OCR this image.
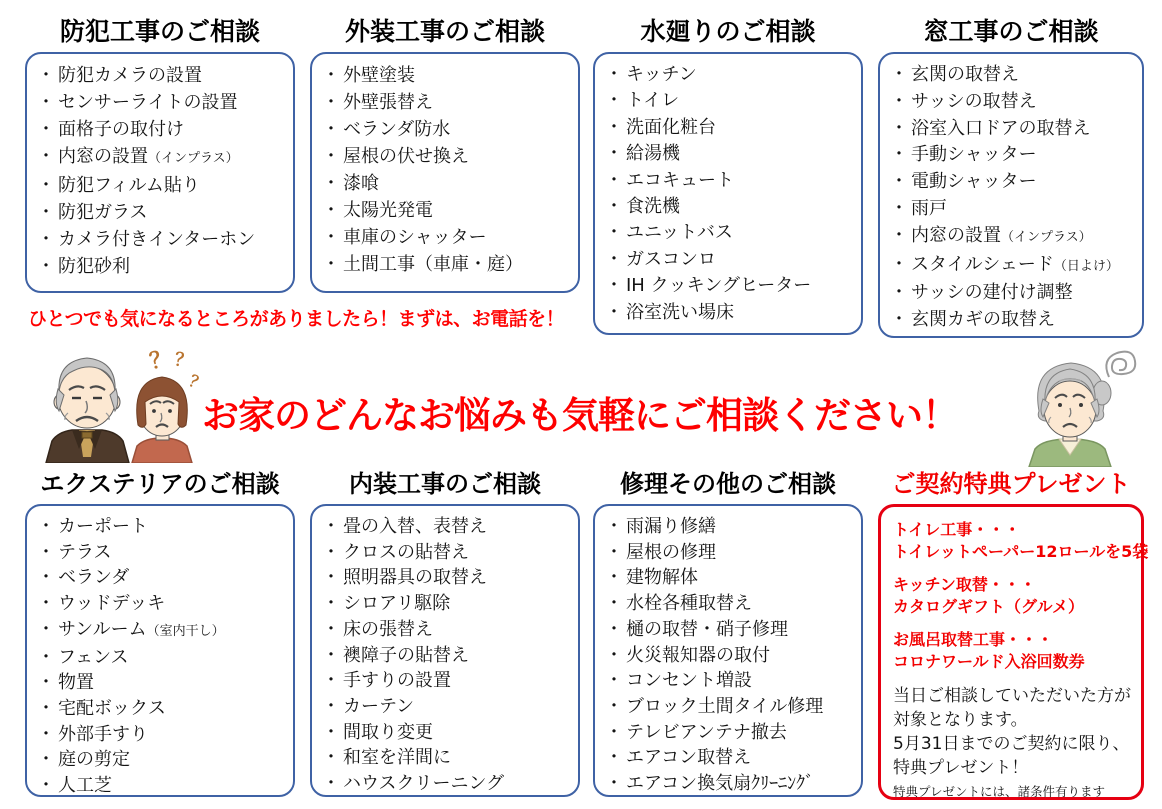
防犯工事のご相談
・ 防犯カメラの設置
・ センサーライトの設置
・ 面格子の取付け
・ 内窓の設置（インプラス）
・ 防犯フィルム貼り
・ 防犯ガラス
・ カメラ付きインターホン
・ 防犯砂利
外装工事のご相談
・ 外壁塗装
・ 外壁張替え
・ ベランダ防水
・ 屋根の伏せ換え
・ 漆喰
・ 太陽光発電
・ 車庫のシャッター
・ 土間工事（車庫・庭）
水廻りのご相談
・ キッチン
・ トイレ
・ 洗面化粧台
・ 給湯機
・ エコキュート
・ 食洗機
・ ユニットバス
・ ガスコンロ
・ IH クッキングヒーター
・ 浴室洗い場床
窓工事のご相談
・ 玄関の取替え
・ サッシの取替え
・ 浴室入口ドアの取替え
・ 手動シャッター
・ 電動シャッター
・ 雨戸
・ 内窓の設置（インプラス）
・ スタイルシェード（日よけ）
・ サッシの建付け調整
・ 玄関カギの取替え
ひとつでも気になるところがありましたら！まずは、お電話を！
お家のどんなお悩みも気軽にご相談ください！
？
？
？
エクステリアのご相談
・ カーポート
・ テラス
・ ベランダ
・ ウッドデッキ
・ サンルーム（室内干し）
・ フェンス
・ 物置
・ 宅配ボックス
・ 外部手すり
・ 庭の剪定
・ 人工芝
内装工事のご相談
・ 畳の入替、表替え
・ クロスの貼替え
・ 照明器具の取替え
・ シロアリ駆除
・ 床の張替え
・ 襖障子の貼替え
・ 手すりの設置
・ カーテン
・ 間取り変更
・ 和室を洋間に
・ ハウスクリーニング
修理その他のご相談
・ 雨漏り修繕
・ 屋根の修理
・ 建物解体
・ 水栓各種取替え
・ 樋の取替・硝子修理
・ 火災報知器の取付
・ コンセント増設
・ ブロック土間タイル修理
・ テレビアンテナ撤去
・ エアコン取替え
・ エアコン換気扇ｸﾘｰﾆﾝｸﾞ
ご契約特典プレゼント
トイレ工事・・・
トイレットペーパー12ロールを5袋
キッチン取替・・・
カタログギフト（グルメ）
お風呂取替工事・・・
コロナワールド入浴回数券
当日ご相談していただいた方が
対象となります。
5月31日までのご契約に限り、
特典プレゼント！
特典プレゼントには、諸条件有ります
